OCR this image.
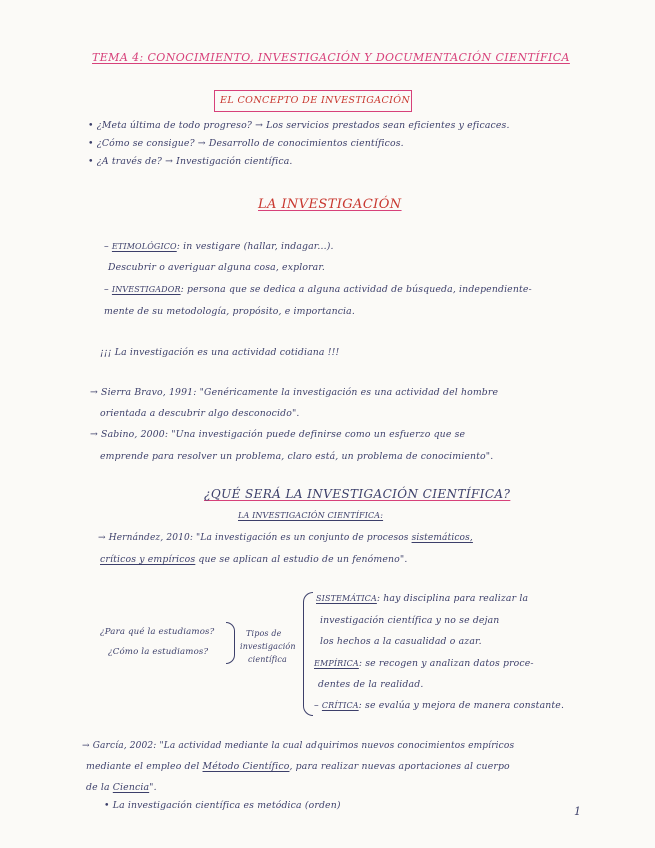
TEMA 4: CONOCIMIENTO, INVESTIGACIÓN Y DOCUMENTACIÓN CIENTÍFICA
EL CONCEPTO DE INVESTIGACIÓN
• ¿Meta última de todo progreso? → Los servicios prestados sean eficientes y eficaces.
• ¿Cómo se consigue? → Desarrollo de conocimientos científicos.
• ¿A través de? → Investigación científica.
LA INVESTIGACIÓN
– ETIMOLÓGICO: in vestigare (hallar, indagar...).
Descubrir o averiguar alguna cosa, explorar.
– INVESTIGADOR: persona que se dedica a alguna actividad de búsqueda, independiente-
mente de su metodología, propósito, e importancia.
¡¡¡ La investigación es una actividad cotidiana !!!
→ Sierra Bravo, 1991: "Genéricamente la investigación es una actividad del hombre
orientada a descubrir algo desconocido".
→ Sabino, 2000: "Una investigación puede definirse como un esfuerzo que se
emprende para resolver un problema, claro está, un problema de conocimiento".
¿QUÉ SERÁ LA INVESTIGACIÓN CIENTÍFICA?
LA INVESTIGACIÓN CIENTÍFICA:
→ Hernández, 2010: "La investigación es un conjunto de procesos sistemáticos,
críticos y empíricos que se aplican al estudio de un fenómeno".
¿Para qué la estudiamos?
¿Cómo la estudiamos?
Tipos de
investigación
científica
SISTEMÁTICA: hay disciplina para realizar la
investigación científica y no se dejan
los hechos a la casualidad o azar.
EMPÍRICA: se recogen y analizan datos proce-
dentes de la realidad.
– CRÍTICA: se evalúa y mejora de manera constante.
→ García, 2002: "La actividad mediante la cual adquirimos nuevos conocimientos empíricos
mediante el empleo del Método Científico, para realizar nuevas aportaciones al cuerpo
de la Ciencia".
• La investigación científica es metódica (orden)	1
